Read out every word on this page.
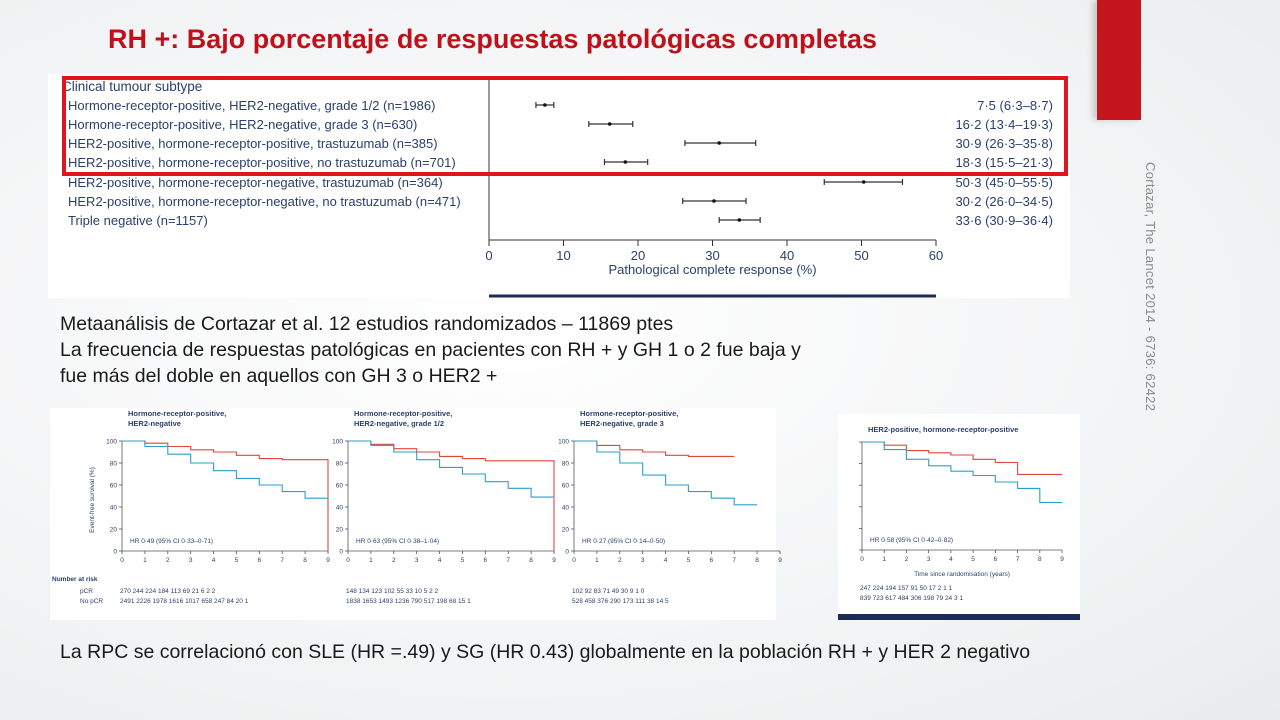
RH +: Bajo porcentaje de respuestas patológicas completas
Cortazar, The Lancet 2014 - 6736: 62422
Clinical tumour subtype
Hormone-receptor-positive, HER2-negative, grade 1/2 (n=1986)	7·5 (6·3–8·7)
Hormone-receptor-positive, HER2-negative, grade 3 (n=630)	16·2 (13·4–19·3)
HER2-positive, hormone-receptor-positive, trastuzumab (n=385)	30·9 (26·3–35·8)
HER2-positive, hormone-receptor-positive, no trastuzumab (n=701)	18·3 (15·5–21·3)
HER2-positive, hormone-receptor-negative, trastuzumab (n=364)	50·3 (45·0–55·5)
HER2-positive, hormone-receptor-negative, no trastuzumab (n=471)	30·2 (26·0–34·5)
Triple negative (n=1157)	33·6 (30·9–36·4)
0	10	20	30	40	50	60
Pathological complete response (%)
Metaanálisis de Cortazar et al. 12 estudios randomizados – 11869 ptes
La frecuencia de respuestas patológicas en pacientes con RH + y GH 1 o 2 fue baja y
fue más del doble en aquellos con GH 3 o HER2 +
Event-free survival (%)
Hormone-receptor-positive,
HER2-negative
100
80
60
40
20
0
0	1	2	3	4	5	6	7	8	9
HR 0·49 (95% CI 0·33–0·71)
270 244 224 184 113 69 21 6 2 2
2491 2226 1978 1616 1017 658 247 84 20 1
Hormone-receptor-positive,
HER2-negative, grade 1/2
100
80
60
40
20
0
0	1	2	3	4	5	6	7	8	9
HR 0·63 (95% CI 0·38–1·04)
148 134 123 102 55 33 10 5 2 2
1838 1653 1493 1236 790 517 198 68 15 1
Hormone-receptor-positive,
HER2-negative, grade 3
100
80
60
40
20
0
0	1	2	3	4	5	6	7	8	9
HR 0·27 (95% CI 0·14–0·50)
102 92 83 71 49 30 9 1 0
528 458 376 290 173 111 38 14 5
Number at risk
pCR
No pCR
HER2-positive, hormone-receptor-positive
0	1	2	3	4	5	6	7	8	9
HR 0·58 (95% CI 0·42–0·82)
247 224 194 157 91 50 17 2 1 1
839 723 617 484 306 198 79 24 3 1
Time since randomisation (years)
La RPC se correlacionó con SLE (HR =.49) y SG (HR 0.43) globalmente en la población RH + y HER 2 negativo
